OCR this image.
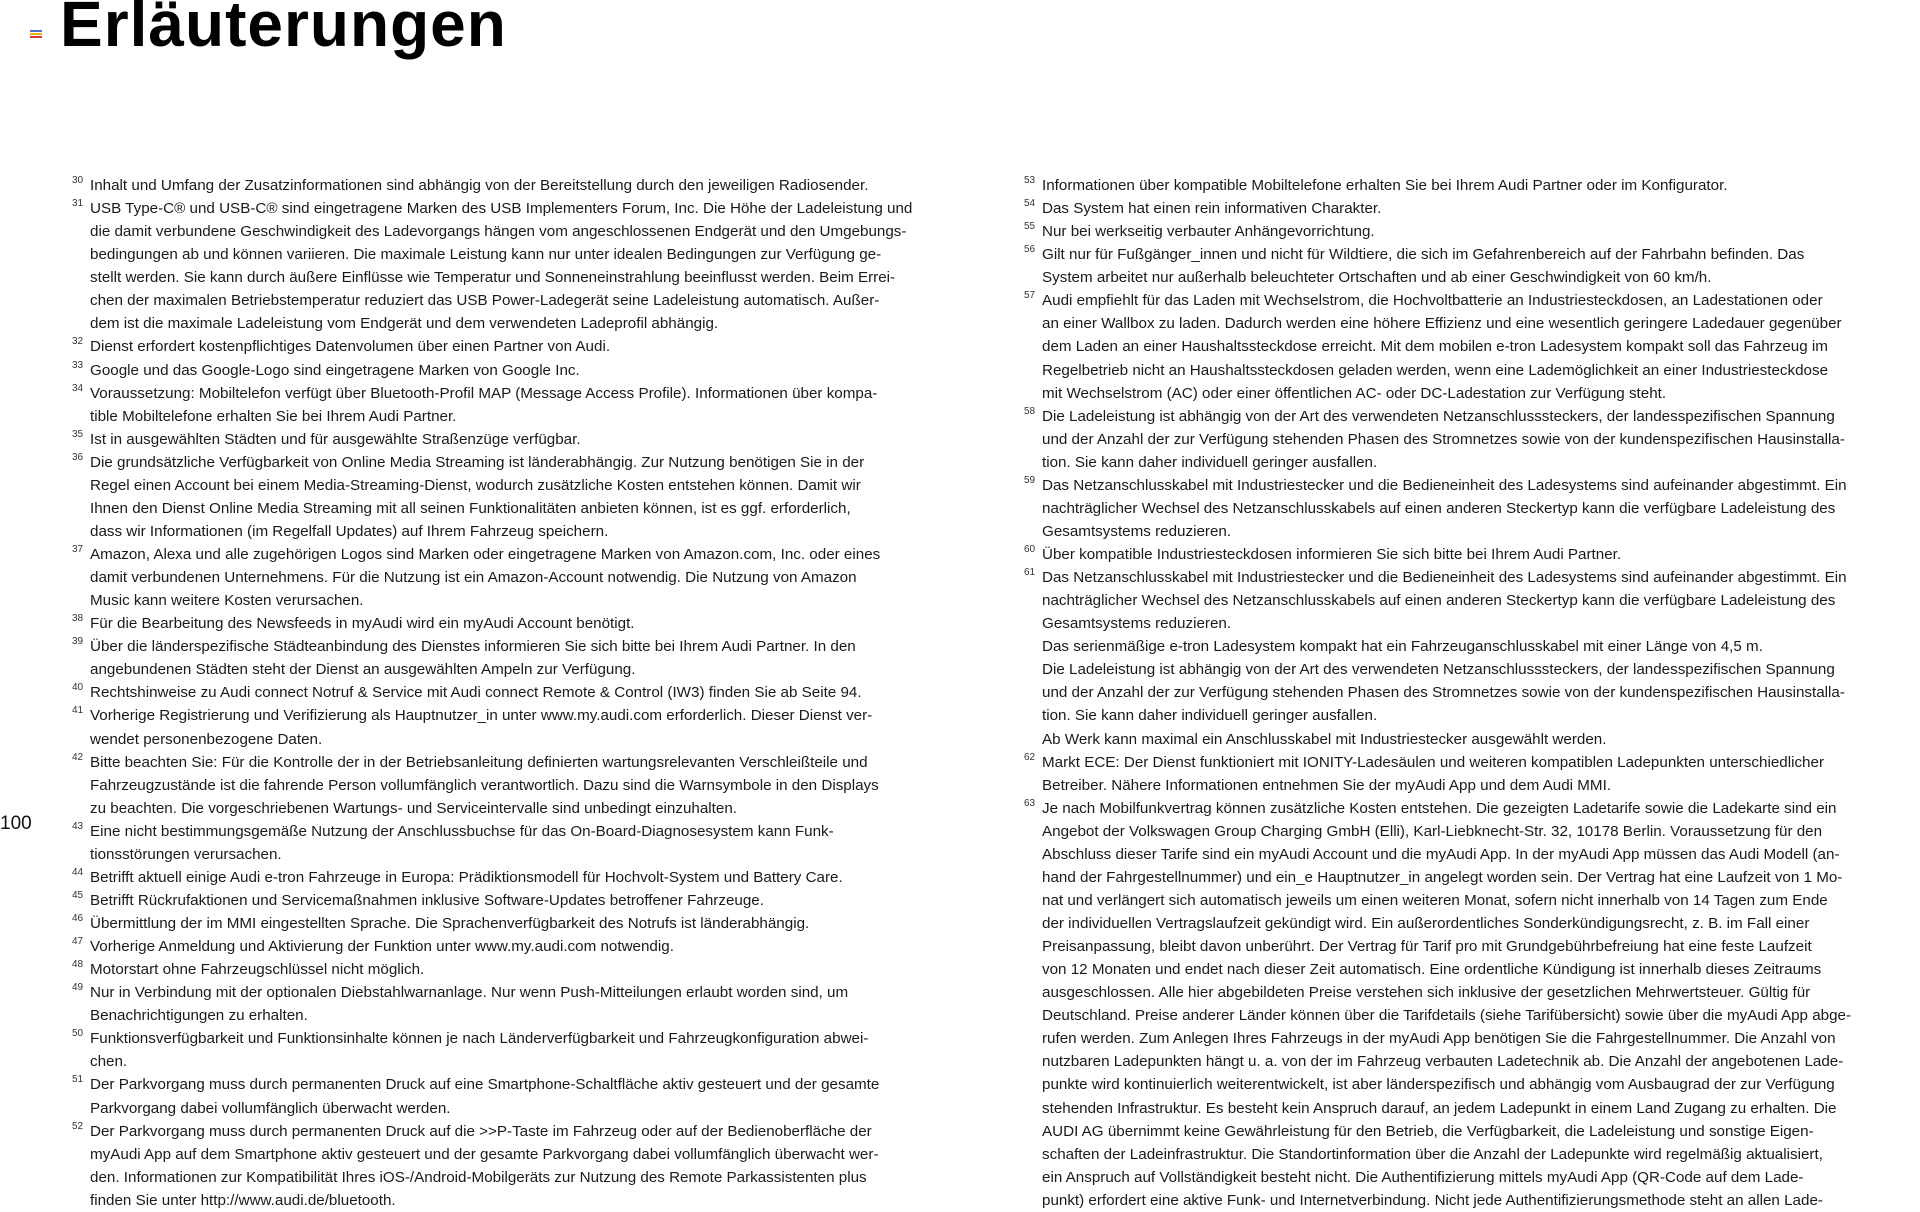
Erläuterungen
100
30 Inhalt und Umfang der Zusatzinformationen sind abhängig von der Bereitstellung durch den jeweiligen Radiosender.
31 USB Type-C® und USB-C® sind eingetragene Marken des USB Implementers Forum, Inc. Die Höhe der Ladeleistung und
die damit verbundene Geschwindigkeit des Ladevorgangs hängen vom angeschlossenen Endgerät und den Umgebungs-
bedingungen ab und können variieren. Die maximale Leistung kann nur unter idealen Bedingungen zur Verfügung ge-
stellt werden. Sie kann durch äußere Einflüsse wie Temperatur und Sonneneinstrahlung beeinflusst werden. Beim Errei-
chen der maximalen Betriebstemperatur reduziert das USB Power-Ladegerät seine Ladeleistung automatisch. Außer-
dem ist die maximale Ladeleistung vom Endgerät und dem verwendeten Ladeprofil abhängig.
32 Dienst erfordert kostenpflichtiges Datenvolumen über einen Partner von Audi.
33 Google und das Google-Logo sind eingetragene Marken von Google Inc.
34 Voraussetzung: Mobiltelefon verfügt über Bluetooth-Profil MAP (Message Access Profile). Informationen über kompa-
tible Mobiltelefone erhalten Sie bei Ihrem Audi Partner.
35 Ist in ausgewählten Städten und für ausgewählte Straßenzüge verfügbar.
36 Die grundsätzliche Verfügbarkeit von Online Media Streaming ist länderabhängig. Zur Nutzung benötigen Sie in der
Regel einen Account bei einem Media-Streaming-Dienst, wodurch zusätzliche Kosten entstehen können. Damit wir
Ihnen den Dienst Online Media Streaming mit all seinen Funktionalitäten anbieten können, ist es ggf. erforderlich,
dass wir Informationen (im Regelfall Updates) auf Ihrem Fahrzeug speichern.
37 Amazon, Alexa und alle zugehörigen Logos sind Marken oder eingetragene Marken von Amazon.com, Inc. oder eines
damit verbundenen Unternehmens. Für die Nutzung ist ein Amazon-Account notwendig. Die Nutzung von Amazon
Music kann weitere Kosten verursachen.
38 Für die Bearbeitung des Newsfeeds in myAudi wird ein myAudi Account benötigt.
39 Über die länderspezifische Städteanbindung des Dienstes informieren Sie sich bitte bei Ihrem Audi Partner. In den
angebundenen Städten steht der Dienst an ausgewählten Ampeln zur Verfügung.
40 Rechtshinweise zu Audi connect Notruf & Service mit Audi connect Remote & Control (IW3) finden Sie ab Seite 94.
41 Vorherige Registrierung und Verifizierung als Hauptnutzer_in unter www.my.audi.com erforderlich. Dieser Dienst ver-
wendet personenbezogene Daten.
42 Bitte beachten Sie: Für die Kontrolle der in der Betriebsanleitung definierten wartungsrelevanten Verschleißteile und
Fahrzeugzustände ist die fahrende Person vollumfänglich verantwortlich. Dazu sind die Warnsymbole in den Displays
zu beachten. Die vorgeschriebenen Wartungs- und Serviceintervalle sind unbedingt einzuhalten.
43 Eine nicht bestimmungsgemäße Nutzung der Anschlussbuchse für das On-Board-Diagnosesystem kann Funk-
tionsstörungen verursachen.
44 Betrifft aktuell einige Audi e-tron Fahrzeuge in Europa: Prädiktionsmodell für Hochvolt-System und Battery Care.
45 Betrifft Rückrufaktionen und Servicemaßnahmen inklusive Software-Updates betroffener Fahrzeuge.
46 Übermittlung der im MMI eingestellten Sprache. Die Sprachenverfügbarkeit des Notrufs ist länderabhängig.
47 Vorherige Anmeldung und Aktivierung der Funktion unter www.my.audi.com notwendig.
48 Motorstart ohne Fahrzeugschlüssel nicht möglich.
49 Nur in Verbindung mit der optionalen Diebstahlwarnanlage. Nur wenn Push-Mitteilungen erlaubt worden sind, um
Benachrichtigungen zu erhalten.
50 Funktionsverfügbarkeit und Funktionsinhalte können je nach Länderverfügbarkeit und Fahrzeugkonfiguration abwei-
chen.
51 Der Parkvorgang muss durch permanenten Druck auf eine Smartphone-Schaltfläche aktiv gesteuert und der gesamte
Parkvorgang dabei vollumfänglich überwacht werden.
52 Der Parkvorgang muss durch permanenten Druck auf die >>P-Taste im Fahrzeug oder auf der Bedienoberfläche der
myAudi App auf dem Smartphone aktiv gesteuert und der gesamte Parkvorgang dabei vollumfänglich überwacht wer-
den. Informationen zur Kompatibilität Ihres iOS-/Android-Mobilgeräts zur Nutzung des Remote Parkassistenten plus
finden Sie unter http://www.audi.de/bluetooth.
53 Informationen über kompatible Mobiltelefone erhalten Sie bei Ihrem Audi Partner oder im Konfigurator.
54 Das System hat einen rein informativen Charakter.
55 Nur bei werkseitig verbauter Anhängevorrichtung.
56 Gilt nur für Fußgänger_innen und nicht für Wildtiere, die sich im Gefahrenbereich auf der Fahrbahn befinden. Das
System arbeitet nur außerhalb beleuchteter Ortschaften und ab einer Geschwindigkeit von 60 km/h.
57 Audi empfiehlt für das Laden mit Wechselstrom, die Hochvoltbatterie an Industriesteckdosen, an Ladestationen oder
an einer Wallbox zu laden. Dadurch werden eine höhere Effizienz und eine wesentlich geringere Ladedauer gegenüber
dem Laden an einer Haushaltssteckdose erreicht. Mit dem mobilen e-tron Ladesystem kompakt soll das Fahrzeug im
Regelbetrieb nicht an Haushaltssteckdosen geladen werden, wenn eine Lademöglichkeit an einer Industriesteckdose
mit Wechselstrom (AC) oder einer öffentlichen AC- oder DC-Ladestation zur Verfügung steht.
58 Die Ladeleistung ist abhängig von der Art des verwendeten Netzanschlusssteckers, der landesspezifischen Spannung
und der Anzahl der zur Verfügung stehenden Phasen des Stromnetzes sowie von der kundenspezifischen Hausinstalla-
tion. Sie kann daher individuell geringer ausfallen.
59 Das Netzanschlusskabel mit Industriestecker und die Bedieneinheit des Ladesystems sind aufeinander abgestimmt. Ein
nachträglicher Wechsel des Netzanschlusskabels auf einen anderen Steckertyp kann die verfügbare Ladeleistung des
Gesamtsystems reduzieren.
60 Über kompatible Industriesteckdosen informieren Sie sich bitte bei Ihrem Audi Partner.
61 Das Netzanschlusskabel mit Industriestecker und die Bedieneinheit des Ladesystems sind aufeinander abgestimmt. Ein
nachträglicher Wechsel des Netzanschlusskabels auf einen anderen Steckertyp kann die verfügbare Ladeleistung des
Gesamtsystems reduzieren.
Das serienmäßige e-tron Ladesystem kompakt hat ein Fahrzeuganschlusskabel mit einer Länge von 4,5 m.
Die Ladeleistung ist abhängig von der Art des verwendeten Netzanschlusssteckers, der landesspezifischen Spannung
und der Anzahl der zur Verfügung stehenden Phasen des Stromnetzes sowie von der kundenspezifischen Hausinstalla-
tion. Sie kann daher individuell geringer ausfallen.
Ab Werk kann maximal ein Anschlusskabel mit Industriestecker ausgewählt werden.
62 Markt ECE: Der Dienst funktioniert mit IONITY-Ladesäulen und weiteren kompatiblen Ladepunkten unterschiedlicher
Betreiber. Nähere Informationen entnehmen Sie der myAudi App und dem Audi MMI.
63 Je nach Mobilfunkvertrag können zusätzliche Kosten entstehen. Die gezeigten Ladetarife sowie die Ladekarte sind ein
Angebot der Volkswagen Group Charging GmbH (Elli), Karl-Liebknecht-Str. 32, 10178 Berlin. Voraussetzung für den
Abschluss dieser Tarife sind ein myAudi Account und die myAudi App. In der myAudi App müssen das Audi Modell (an-
hand der Fahrgestellnummer) und ein_e Hauptnutzer_in angelegt worden sein. Der Vertrag hat eine Laufzeit von 1 Mo-
nat und verlängert sich automatisch jeweils um einen weiteren Monat, sofern nicht innerhalb von 14 Tagen zum Ende
der individuellen Vertragslaufzeit gekündigt wird. Ein außerordentliches Sonderkündigungsrecht, z. B. im Fall einer
Preisanpassung, bleibt davon unberührt. Der Vertrag für Tarif pro mit Grundgebührbefreiung hat eine feste Laufzeit
von 12 Monaten und endet nach dieser Zeit automatisch. Eine ordentliche Kündigung ist innerhalb dieses Zeitraums
ausgeschlossen. Alle hier abgebildeten Preise verstehen sich inklusive der gesetzlichen Mehrwertsteuer. Gültig für
Deutschland. Preise anderer Länder können über die Tarifdetails (siehe Tarifübersicht) sowie über die myAudi App abge-
rufen werden. Zum Anlegen Ihres Fahrzeugs in der myAudi App benötigen Sie die Fahrgestellnummer. Die Anzahl von
nutzbaren Ladepunkten hängt u. a. von der im Fahrzeug verbauten Ladetechnik ab. Die Anzahl der angebotenen Lade-
punkte wird kontinuierlich weiterentwickelt, ist aber länderspezifisch und abhängig vom Ausbaugrad der zur Verfügung
stehenden Infrastruktur. Es besteht kein Anspruch darauf, an jedem Ladepunkt in einem Land Zugang zu erhalten. Die
AUDI AG übernimmt keine Gewährleistung für den Betrieb, die Verfügbarkeit, die Ladeleistung und sonstige Eigen-
schaften der Ladeinfrastruktur. Die Standortinformation über die Anzahl der Ladepunkte wird regelmäßig aktualisiert,
ein Anspruch auf Vollständigkeit besteht nicht. Die Authentifizierung mittels myAudi App (QR-Code auf dem Lade-
punkt) erfordert eine aktive Funk- und Internetverbindung. Nicht jede Authentifizierungsmethode steht an allen Lade-
